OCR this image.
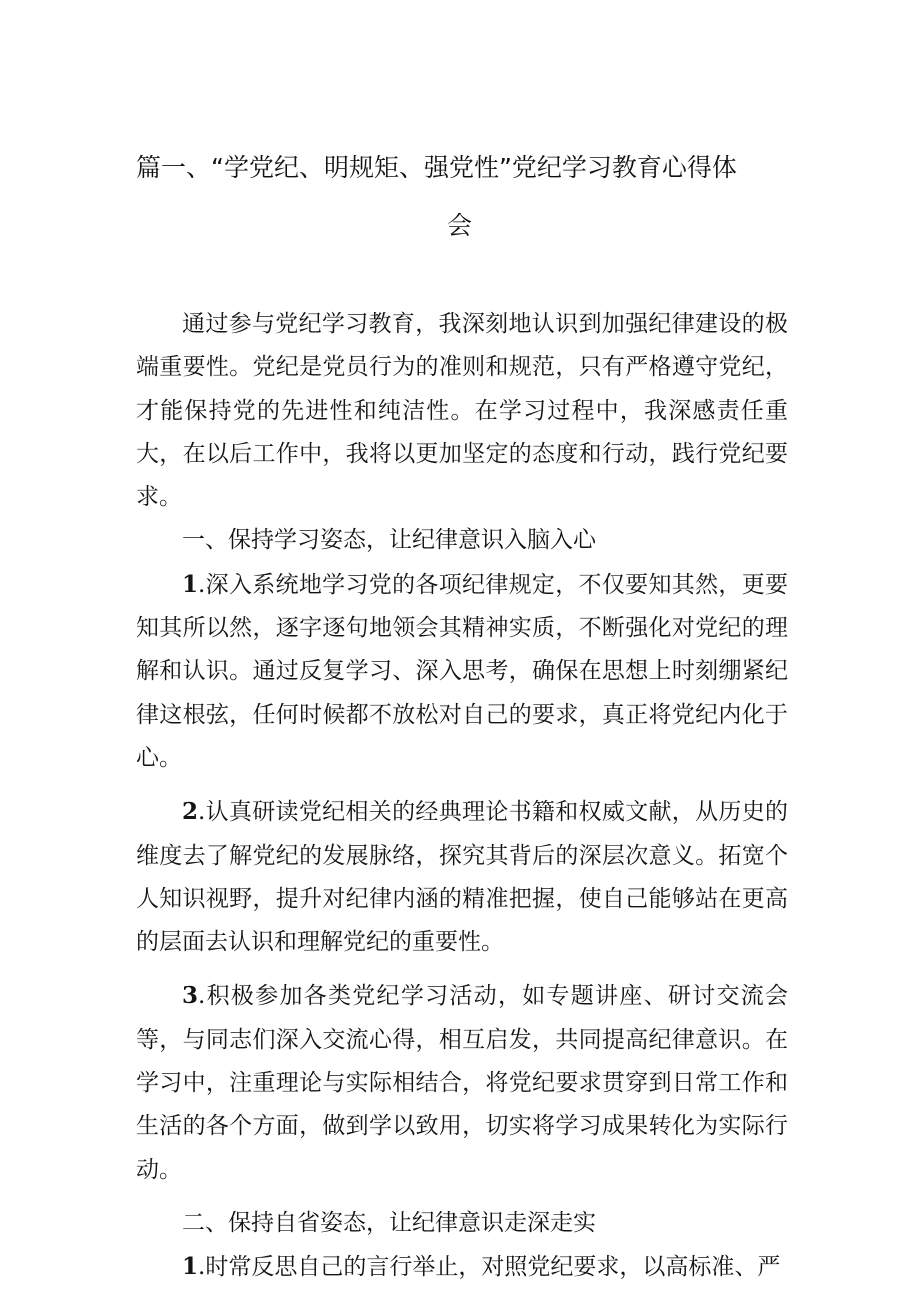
篇一、“学党纪、明规矩、强党性”党纪学习教育心得体
会

通过参与党纪学习教育，我深刻地认识到加强纪律建设的极端重要性。党纪是党员行为的准则和规范，只有严格遵守党纪，才能保持党的先进性和纯洁性。在学习过程中，我深感责任重大，在以后工作中，我将以更加坚定的态度和行动，践行党纪要求。

一、保持学习姿态，让纪律意识入脑入心

1.深入系统地学习党的各项纪律规定，不仅要知其然，更要知其所以然，逐字逐句地领会其精神实质，不断强化对党纪的理解和认识。通过反复学习、深入思考，确保在思想上时刻绷紧纪律这根弦，任何时候都不放松对自己的要求，真正将党纪内化于心。

2.认真研读党纪相关的经典理论书籍和权威文献，从历史的维度去了解党纪的发展脉络，探究其背后的深层次意义。拓宽个人知识视野，提升对纪律内涵的精准把握，使自己能够站在更高的层面去认识和理解党纪的重要性。

3.积极参加各类党纪学习活动，如专题讲座、研讨交流会等，与同志们深入交流心得，相互启发，共同提高纪律意识。在学习中，注重理论与实际相结合，将党纪要求贯穿到日常工作和生活的各个方面，做到学以致用，切实将学习成果转化为实际行动。

二、保持自省姿态，让纪律意识走深走实

1.时常反思自己的言行举止，对照党纪要求，以高标准、严
